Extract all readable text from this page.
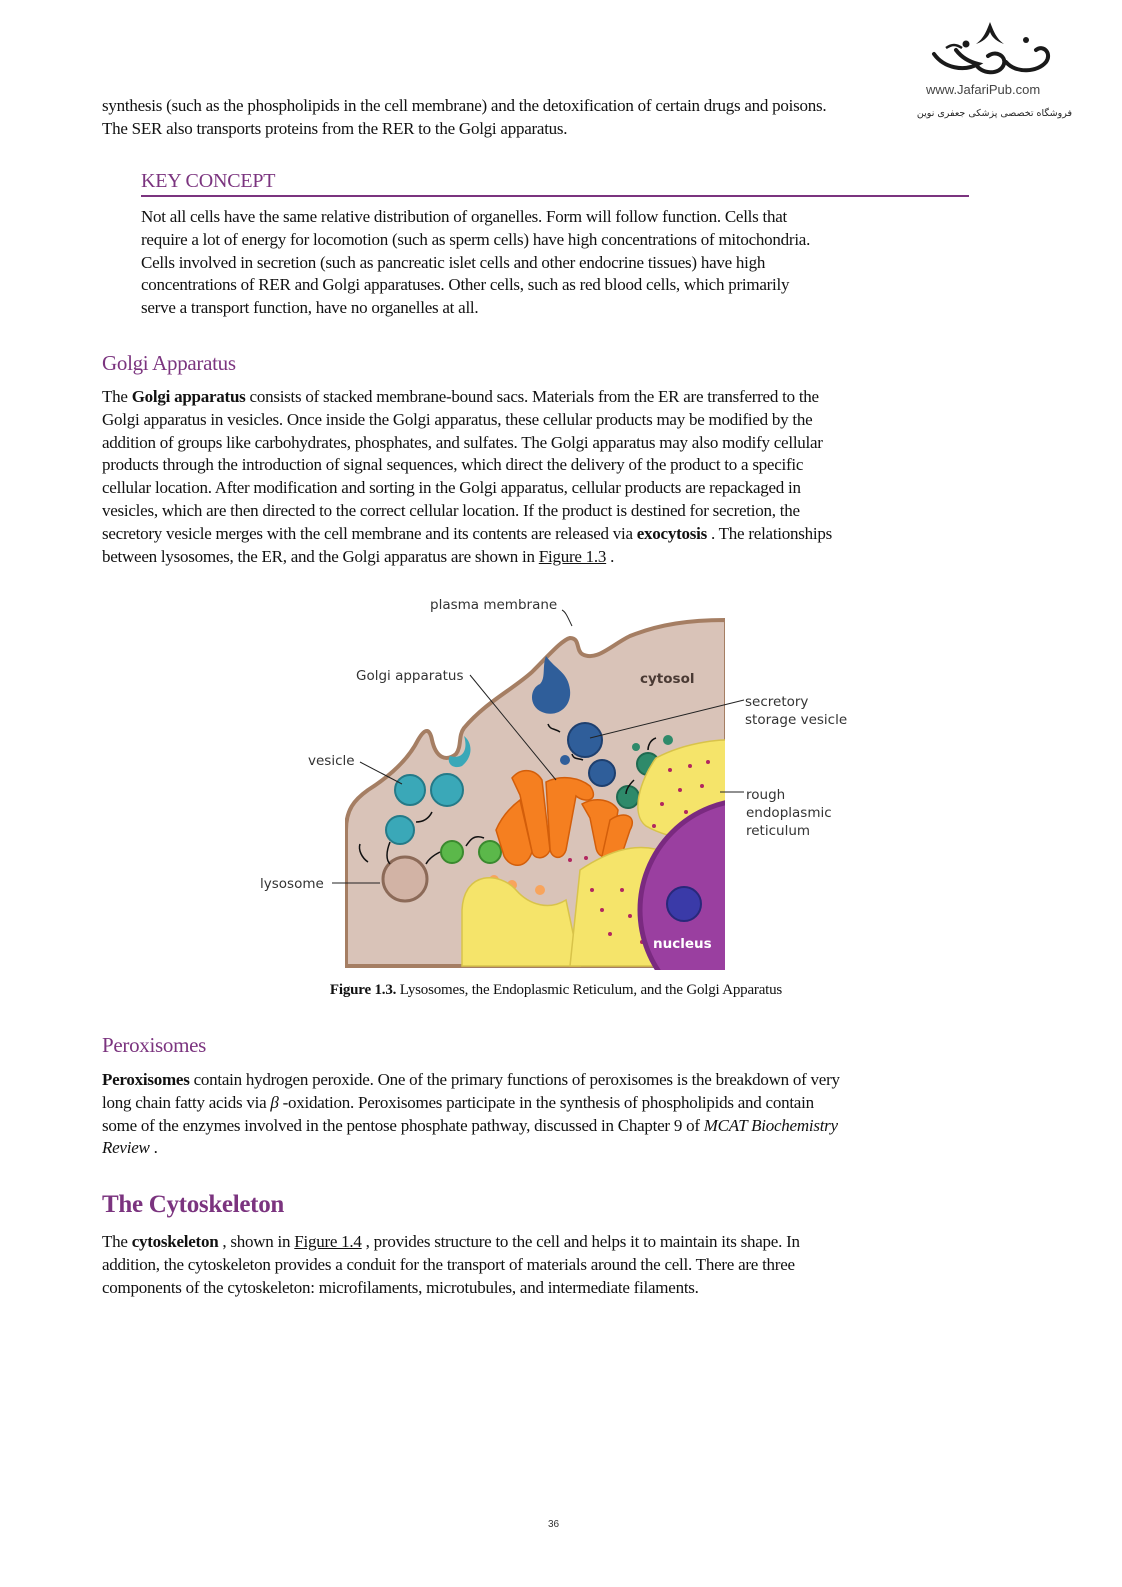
www.JafariPub.com
فروشگاه تخصصی پزشکی جعفری نوین
synthesis (such as the phospholipids in the cell membrane) and the detoxification of certain drugs and poisons.
The SER also transports proteins from the RER to the Golgi apparatus.
KEY CONCEPT
Not all cells have the same relative distribution of organelles. Form will follow function. Cells that
require a lot of energy for locomotion (such as sperm cells) have high concentrations of mitochondria.
Cells involved in secretion (such as pancreatic islet cells and other endocrine tissues) have high
concentrations of RER and Golgi apparatuses. Other cells, such as red blood cells, which primarily
serve a transport function, have no organelles at all.
Golgi Apparatus
The Golgi apparatus consists of stacked membrane-bound sacs. Materials from the ER are transferred to the
Golgi apparatus in vesicles. Once inside the Golgi apparatus, these cellular products may be modified by the
addition of groups like carbohydrates, phosphates, and sulfates. The Golgi apparatus may also modify cellular
products through the introduction of signal sequences, which direct the delivery of the product to a specific
cellular location. After modification and sorting in the Golgi apparatus, cellular products are repackaged in
vesicles, which are then directed to the correct cellular location. If the product is destined for secretion, the
secretory vesicle merges with the cell membrane and its contents are released via exocytosis . The relationships
between lysosomes, the ER, and the Golgi apparatus are shown in Figure 1.3 .
plasma membrane
Golgi apparatus	cytosol
secretory
storage vesicle
vesicle
rough
endoplasmic
reticulum
lysosome
nucleus
Figure 1.3. Lysosomes, the Endoplasmic Reticulum, and the Golgi Apparatus
Peroxisomes
Peroxisomes contain hydrogen peroxide. One of the primary functions of peroxisomes is the breakdown of very
long chain fatty acids via β -oxidation. Peroxisomes participate in the synthesis of phospholipids and contain
some of the enzymes involved in the pentose phosphate pathway, discussed in Chapter 9 of MCAT Biochemistry
Review .
The Cytoskeleton
The cytoskeleton , shown in Figure 1.4 , provides structure to the cell and helps it to maintain its shape. In
addition, the cytoskeleton provides a conduit for the transport of materials around the cell. There are three
components of the cytoskeleton: microfilaments, microtubules, and intermediate filaments.
36
